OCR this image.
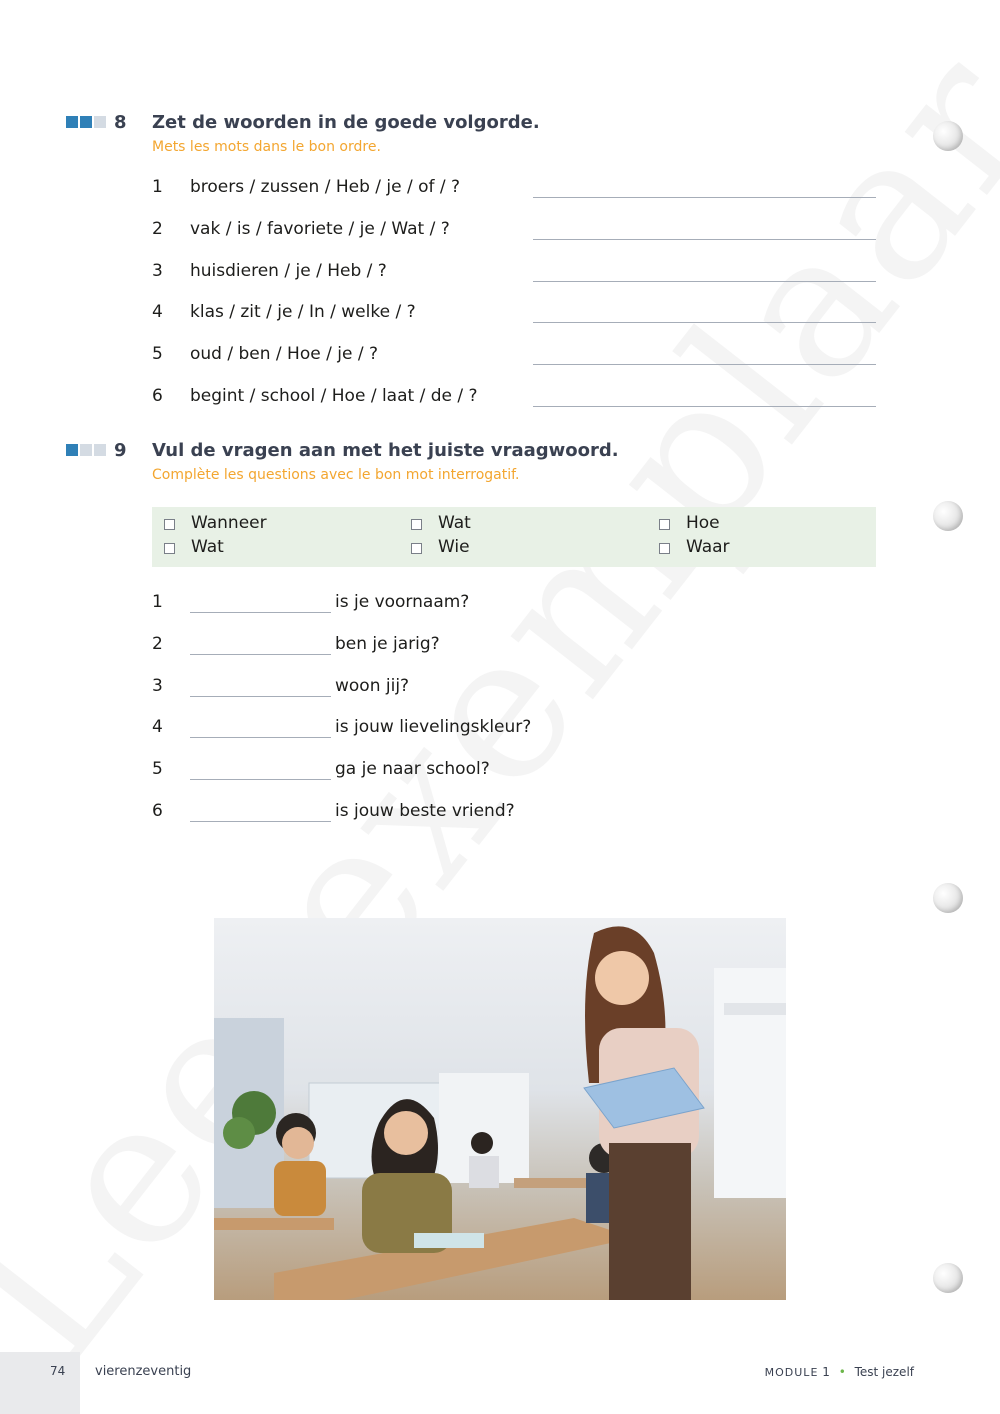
8 Zet de woorden in de goede volgorde.
Mets les mots dans le bon ordre.
1 broers / zussen / Heb / je / of / ?
2 vak / is / favoriete / je / Wat / ?
3 huisdieren / je / Heb / ?
4 klas / zit / je / In / welke / ?
5 oud / ben / Hoe / je / ?
6 begint / school / Hoe / laat / de / ?
9 Vul de vragen aan met het juiste vraagwoord.
Complète les questions avec le bon mot interrogatif.
Wanneer
Wat
Wat
Wie
Hoe
Waar
1	is je voornaam?
2	ben je jarig?
3	woon jij?
4	is jouw lievelingskleur?
5	ga je naar school?
6	is jouw beste vriend?
74 vierenzeventig	MODULE 1 • Test jezelf
